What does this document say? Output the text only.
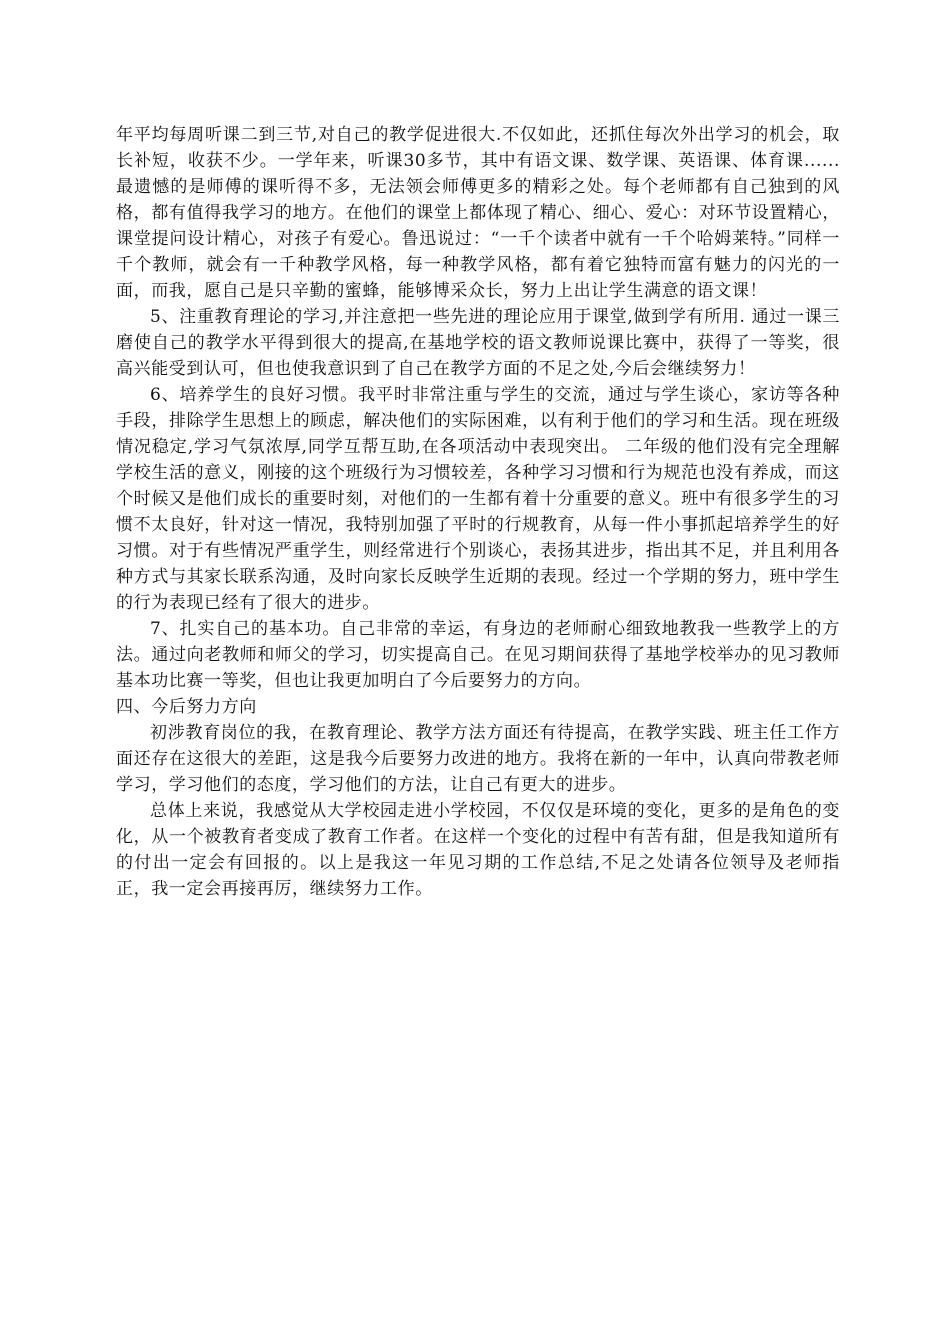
年平均每周听课二到三节,对自己的教学促进很大.不仅如此，还抓住每次外出学习的机会，取长补短，收获不少。一学年来，听课30多节，其中有语文课、数学课、英语课、体育课......最遗憾的是师傅的课听得不多，无法领会师傅更多的精彩之处。每个老师都有自己独到的风格，都有值得我学习的地方。在他们的课堂上都体现了精心、细心、爱心：对环节设置精心，课堂提问设计精心，对孩子有爱心。鲁迅说过：“一千个读者中就有一千个哈姆莱特。”同样一千个教师，就会有一千种教学风格，每一种教学风格，都有着它独特而富有魅力的闪光的一面，而我，愿自己是只辛勤的蜜蜂，能够博采众长，努力上出让学生满意的语文课！

5、注重教育理论的学习,并注意把一些先进的理论应用于课堂,做到学有所用. 通过一课三磨使自己的教学水平得到很大的提高,在基地学校的语文教师说课比赛中，获得了一等奖，很高兴能受到认可，但也使我意识到了自己在教学方面的不足之处,今后会继续努力！

6、培养学生的良好习惯。我平时非常注重与学生的交流，通过与学生谈心，家访等各种手段，排除学生思想上的顾虑，解决他们的实际困难，以有利于他们的学习和生活。现在班级情况稳定,学习气氛浓厚,同学互帮互助,在各项活动中表现突出。 二年级的他们没有完全理解学校生活的意义，刚接的这个班级行为习惯较差，各种学习习惯和行为规范也没有养成，而这个时候又是他们成长的重要时刻，对他们的一生都有着十分重要的意义。班中有很多学生的习惯不太良好，针对这一情况，我特别加强了平时的行规教育，从每一件小事抓起培养学生的好习惯。对于有些情况严重学生，则经常进行个别谈心，表扬其进步，指出其不足，并且利用各种方式与其家长联系沟通，及时向家长反映学生近期的表现。经过一个学期的努力，班中学生的行为表现已经有了很大的进步。

7、扎实自己的基本功。自己非常的幸运，有身边的老师耐心细致地教我一些教学上的方法。通过向老教师和师父的学习，切实提高自己。在见习期间获得了基地学校举办的见习教师基本功比赛一等奖，但也让我更加明白了今后要努力的方向。

四、今后努力方向

初涉教育岗位的我，在教育理论、教学方法方面还有待提高，在教学实践、班主任工作方面还存在这很大的差距，这是我今后要努力改进的地方。我将在新的一年中，认真向带教老师学习，学习他们的态度，学习他们的方法，让自己有更大的进步。

总体上来说，我感觉从大学校园走进小学校园，不仅仅是环境的变化，更多的是角色的变化，从一个被教育者变成了教育工作者。在这样一个变化的过程中有苦有甜，但是我知道所有的付出一定会有回报的。以上是我这一年见习期的工作总结,不足之处请各位领导及老师指正，我一定会再接再厉，继续努力工作。
